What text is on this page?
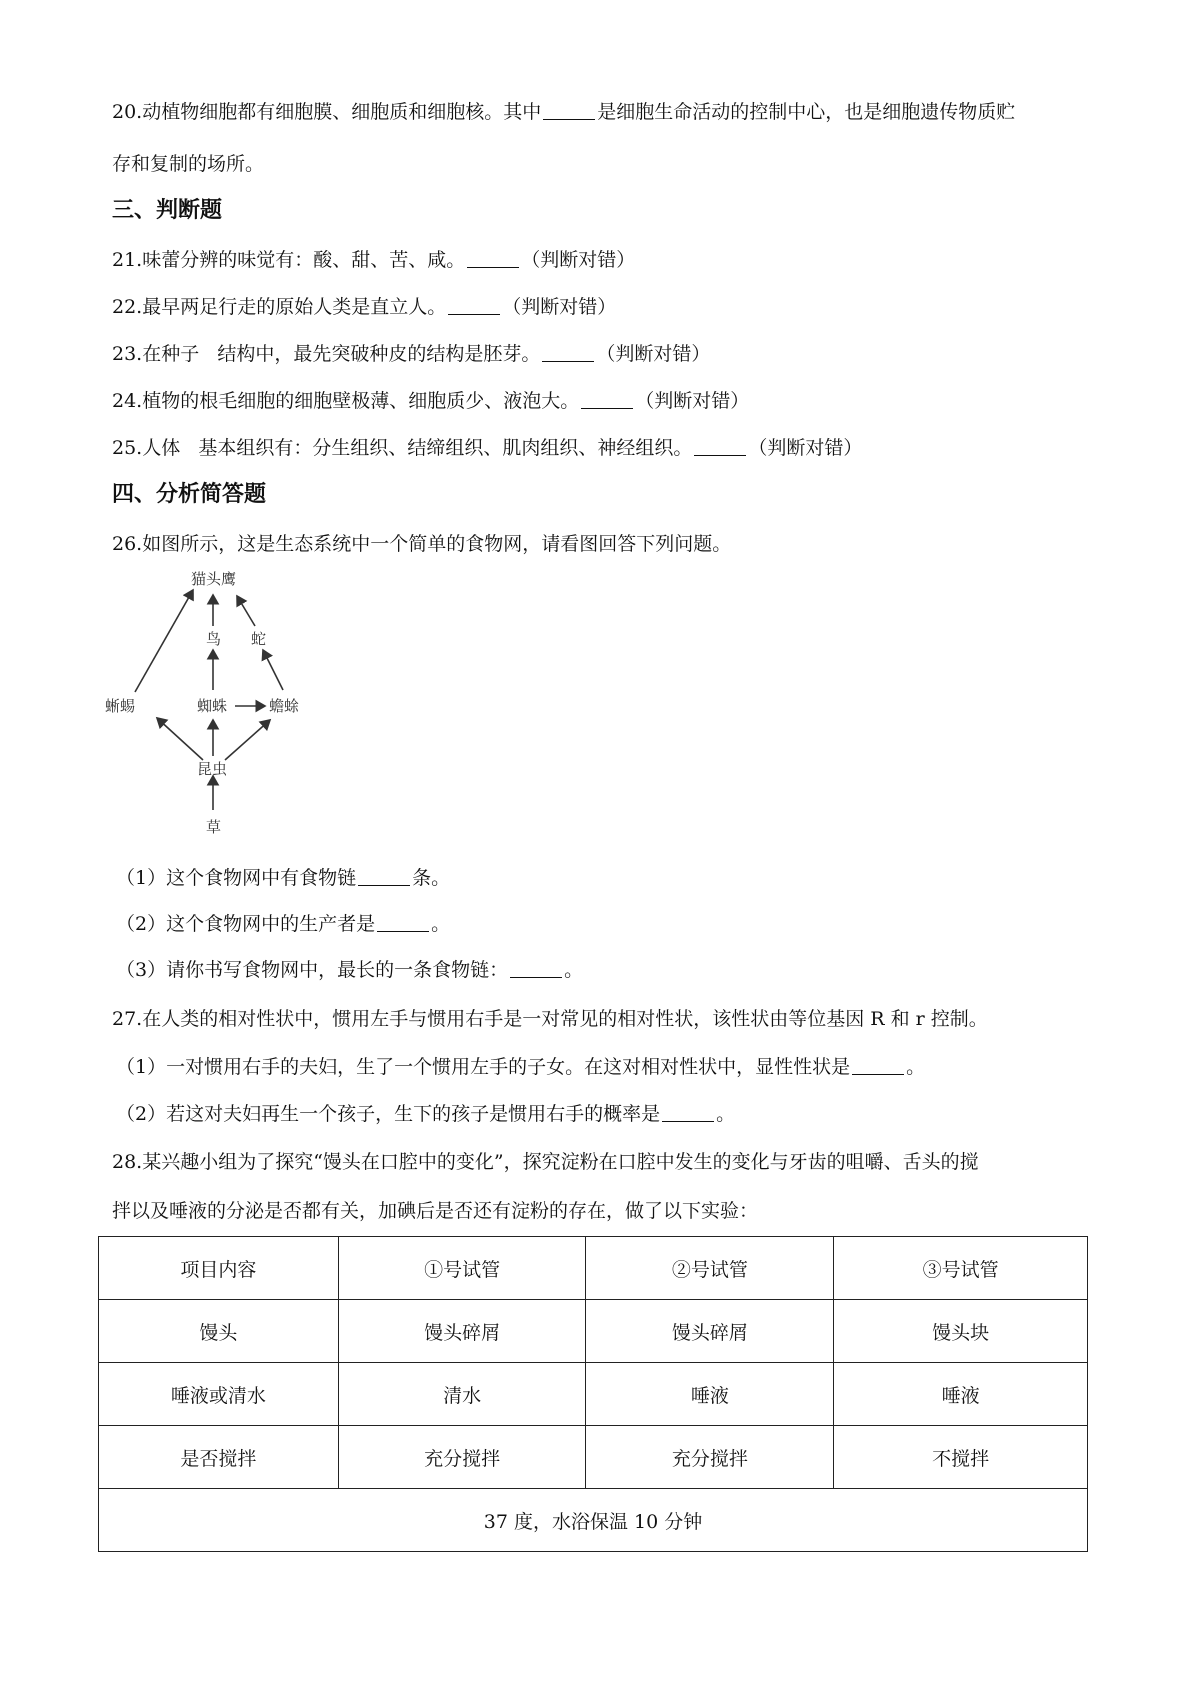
20.动植物细胞都有细胞膜、细胞质和细胞核。其中	是细胞生命活动的控制中心，也是细胞遗传物质贮
存和复制的场所。
三、判断题
21.味蕾分辨的味觉有：酸、甜、苦、咸。	（判断对错）
22.最早两足行走的原始人类是直立人。	（判断对错）
23.在种子   结构中，最先突破种皮的结构是胚芽。	（判断对错）
24.植物的根毛细胞的细胞壁极薄、细胞质少、液泡大。	（判断对错）
25.人体   基本组织有：分生组织、结缔组织、肌肉组织、神经组织。	（判断对错）
四、分析简答题
26.如图所示，这是生态系统中一个简单的食物网，请看图回答下列问题。
猫头鹰
鸟 蛇
蜥蜴	蜘蛛	蟾蜍
昆虫
草
（1）这个食物网中有食物链	条。
（2）这个食物网中的生产者是	。
（3）请你书写食物网中，最长的一条食物链：	。
27.在人类的相对性状中，惯用左手与惯用右手是一对常见的相对性状，该性状由等位基因 R 和 r 控制。
（1）一对惯用右手的夫妇，生了一个惯用左手的子女。在这对相对性状中，显性性状是	。
（2）若这对夫妇再生一个孩子，生下的孩子是惯用右手的概率是	。
28.某兴趣小组为了探究“馒头在口腔中的变化”，探究淀粉在口腔中发生的变化与牙齿的咀嚼、舌头的搅
拌以及唾液的分泌是否都有关，加碘后是否还有淀粉的存在，做了以下实验：
项目内容	①号试管	②号试管	③号试管
馒头	馒头碎屑	馒头碎屑	馒头块
唾液或清水	清水	唾液	唾液
是否搅拌	充分搅拌	充分搅拌	不搅拌
37 度，水浴保温 10 分钟			
